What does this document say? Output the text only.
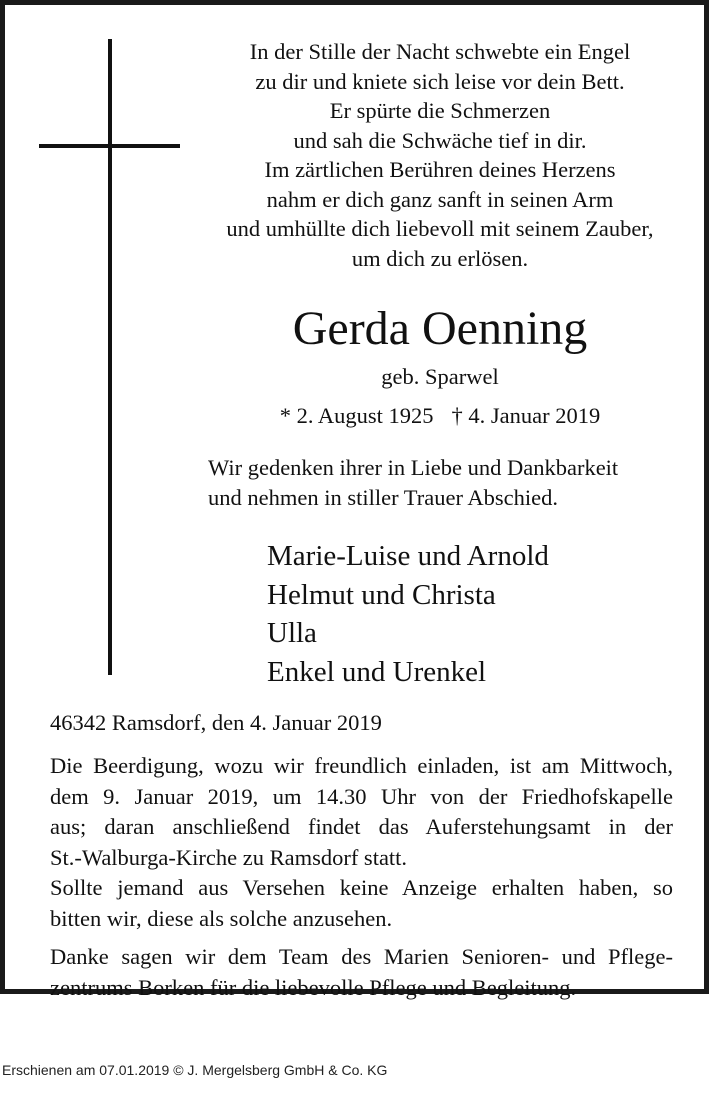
In der Stille der Nacht schwebte ein Engel
zu dir und kniete sich leise vor dein Bett.
Er spürte die Schmerzen
und sah die Schwäche tief in dir.
Im zärtlichen Berühren deines Herzens
nahm er dich ganz sanft in seinen Arm
und umhüllte dich liebevoll mit seinem Zauber,
um dich zu erlösen.
Gerda Oenning
geb. Sparwel
* 2. August 1925 † 4. Januar 2019
Wir gedenken ihrer in Liebe und Dankbarkeit
und nehmen in stiller Trauer Abschied.
Marie-Luise und Arnold
Helmut und Christa
Ulla
Enkel und Urenkel
46342 Ramsdorf, den 4. Januar 2019
Die Beerdigung, wozu wir freundlich einladen, ist am Mittwoch,
dem 9. Januar 2019, um 14.30 Uhr von der Friedhofskapelle
aus; daran anschließend findet das Auferstehungsamt in der
St.-Walburga-Kirche zu Ramsdorf statt.
Sollte jemand aus Versehen keine Anzeige erhalten haben, so
bitten wir, diese als solche anzusehen.
Danke sagen wir dem Team des Marien Senioren- und Pflege-
zentrums Borken für die liebevolle Pflege und Begleitung.
Erschienen am 07.01.2019 © J. Mergelsberg GmbH & Co. KG
